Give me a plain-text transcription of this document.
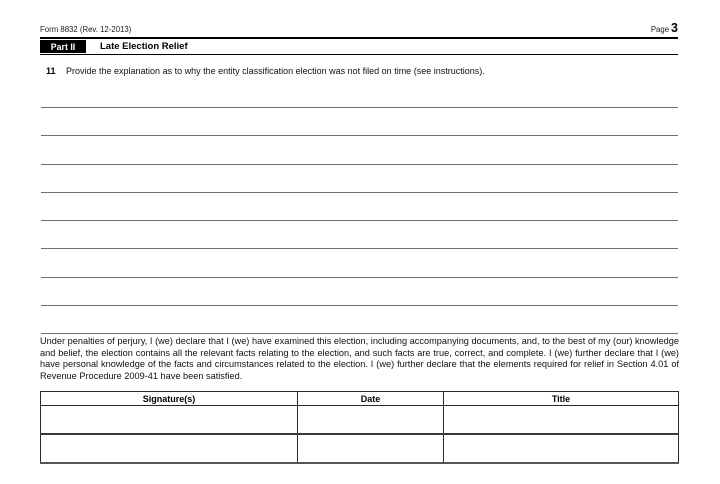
Form 8832 (Rev. 12-2013)	Page 3
Part II	Late Election Relief
11 Provide the explanation as to why the entity classification election was not filed on time (see instructions).
Under penalties of perjury, I (we) declare that I (we) have examined this election, including accompanying documents, and, to the best of my (our) knowledge and belief, the election contains all the relevant facts relating to the election, and such facts are true, correct, and complete. I (we) further declare that I (we) have personal knowledge of the facts and circumstances related to the election. I (we) further declare that the elements required for relief in Section 4.01 of Revenue Procedure 2009-41 have been satisfied.
Signature(s)	Date	Title
